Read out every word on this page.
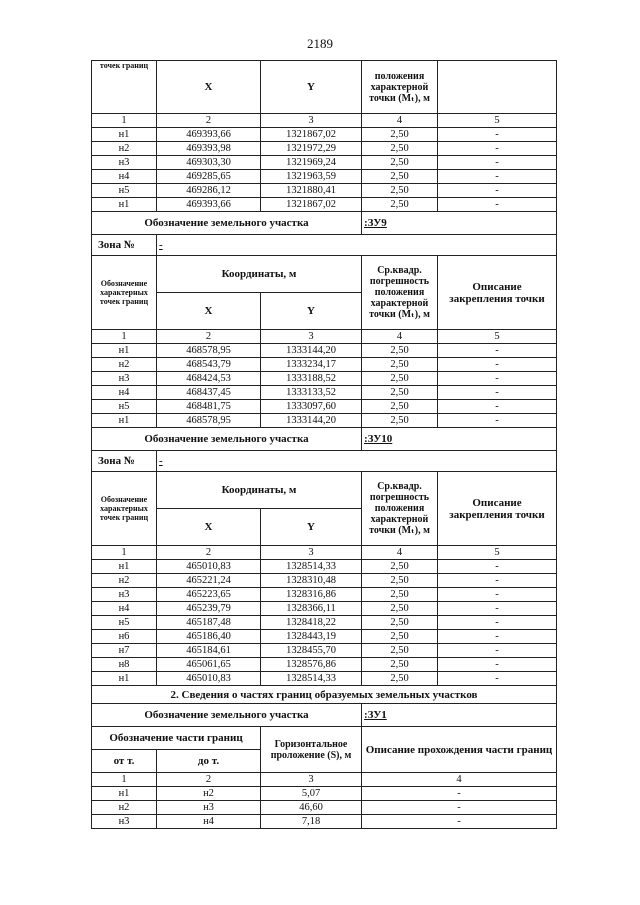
2189
точек границ	X	Y	положения характерной точки (Mₜ), м	
1	2	3	4	5
н1	469393,66	1321867,02	2,50	-
н2	469393,98	1321972,29	2,50	-
н3	469303,30	1321969,24	2,50	-
н4	469285,65	1321963,59	2,50	-
н5	469286,12	1321880,41	2,50	-
н1	469393,66	1321867,02	2,50	-
Обозначение земельного участка			:ЗУ9	
Зона №	-			
Обозначение характерных точек границ	Координаты, м		Ср.квадр. погрешность положения характерной точки (Mₜ), м	Описание закрепления точки
	X	Y		
1	2	3	4	5
н1	468578,95	1333144,20	2,50	-
н2	468543,79	1333234,17	2,50	-
н3	468424,53	1333188,52	2,50	-
н4	468437,45	1333133,52	2,50	-
н5	468481,75	1333097,60	2,50	-
н1	468578,95	1333144,20	2,50	-
Обозначение земельного участка			:ЗУ10	
Зона №	-			
Обозначение характерных точек границ	Координаты, м		Ср.квадр. погрешность положения характерной точки (Mₜ), м	Описание закрепления точки
	X	Y		
1	2	3	4	5
н1	465010,83	1328514,33	2,50	-
н2	465221,24	1328310,48	2,50	-
н3	465223,65	1328316,86	2,50	-
н4	465239,79	1328366,11	2,50	-
н5	465187,48	1328418,22	2,50	-
н6	465186,40	1328443,19	2,50	-
н7	465184,61	1328455,70	2,50	-
н8	465061,65	1328576,86	2,50	-
н1	465010,83	1328514,33	2,50	-
2. Сведения о частях границ образуемых земельных участков			
Обозначение земельного участка			:ЗУ1
Обозначение части границ		Горизонтальное проложение (S), м	Описание прохождения части границ
от т.	до т.		
1	2	3	4
н1	н2	5,07	-
н2	н3	46,60	-
н3	н4	7,18	-
